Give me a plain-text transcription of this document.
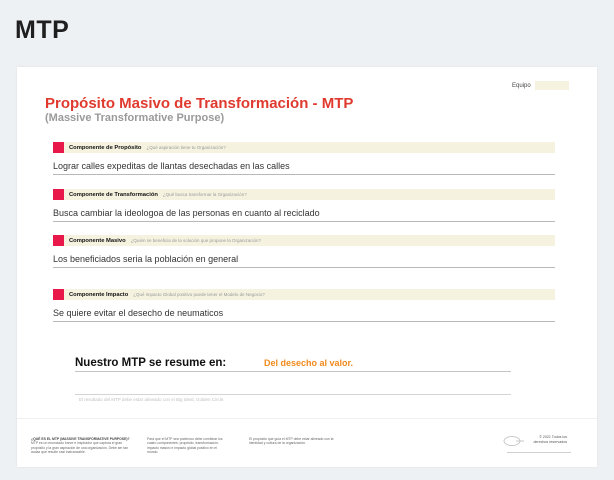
MTP
Equipo
Propósito Masivo de Transformación - MTP
(Massive Transformative Purpose)
Componente de Propósito ¿Qué aspiración tiene tu Organización?
Lograr calles expeditas de llantas desechadas en las calles
Componente de Transformación ¿Qué busca transformar la Organización?
Busca cambiar la ideologoa de las personas en cuanto al reciclado
Componente Masivo ¿Quién se beneficia de la solución que propone la Organización?
Los beneficiados seria la población en general
Componente Impacto ¿Qué impacto Global positivo puede tener el Modelo de Negocio?
Se quiere evitar el desecho de neumaticos
Nuestro MTP se resume en:	Del desecho al valor.
El resultado del MTP debe estar alineado con el Big Ideal, Golden Circle.
¿QUÉ ES EL MTP (MASSIVE TRANSFORMATIVE PURPOSE)?
MTP es un enunciado breve e inspirador que captura el gran propósito y la gran aspiración de una organización. Debe ser tan audaz que resulte casi inalcanzable.
Para que el MTP sea poderoso debe combinar los cuatro componentes: propósito, transformación, impacto masivo e impacto global positivo en el mundo.
El propósito que guía el MTP debe estar alineado con la identidad y cultura de la organización.
© 2021 Todos los derechos reservados
